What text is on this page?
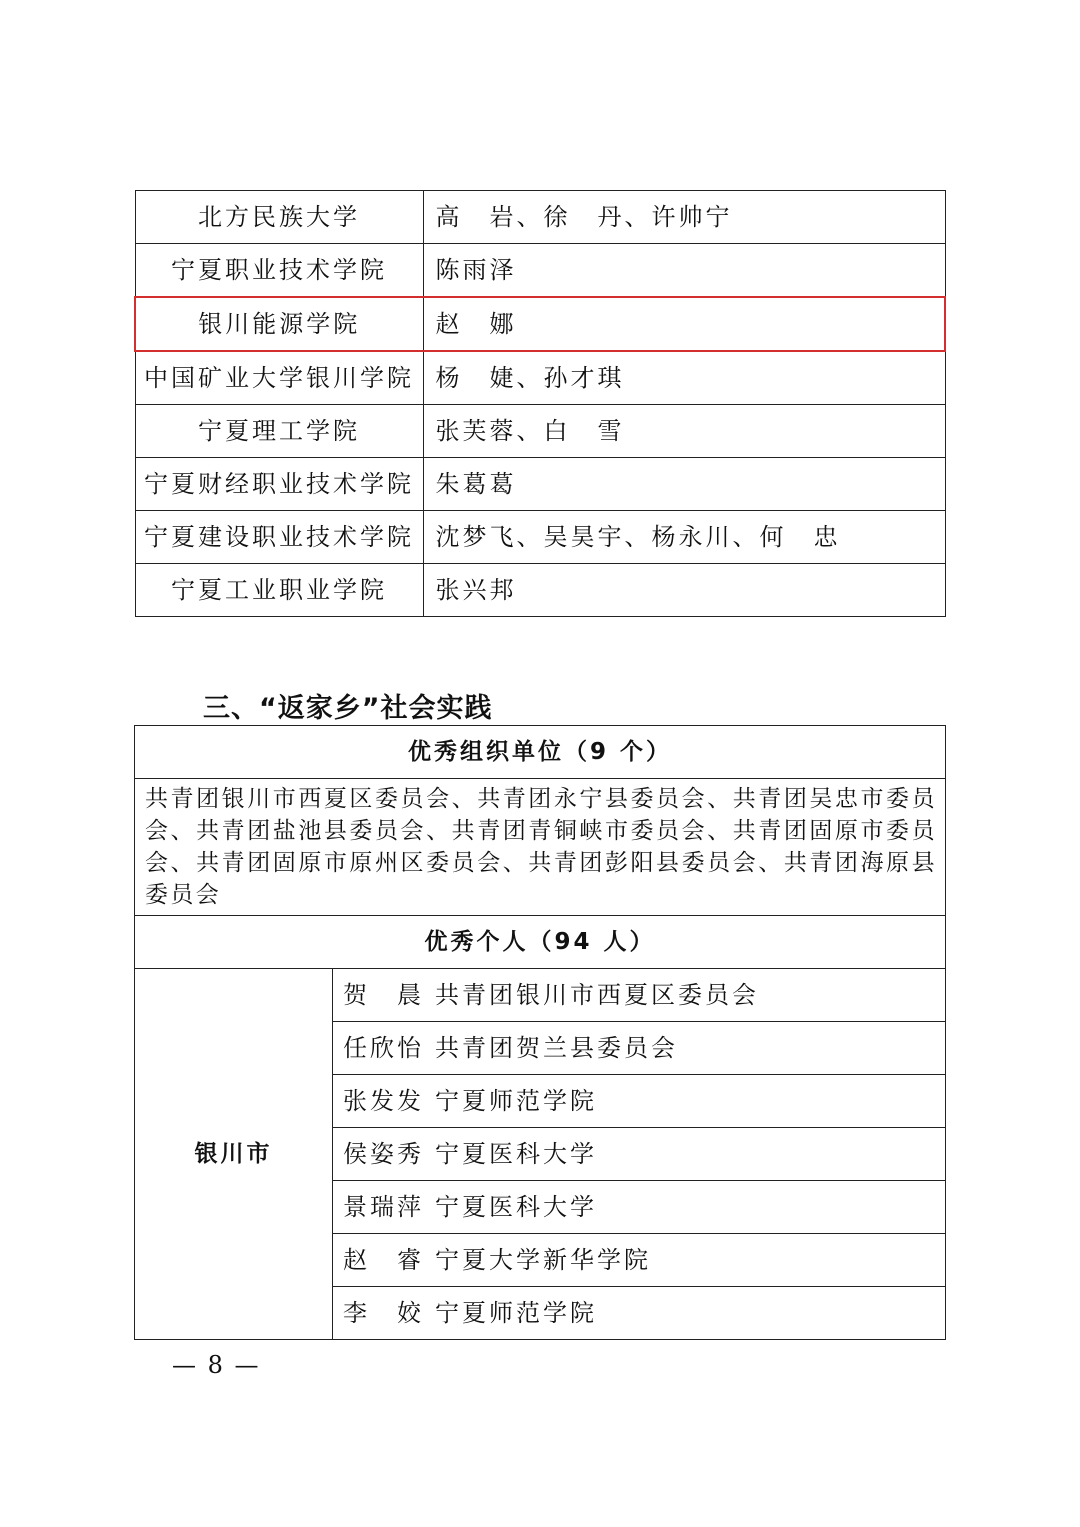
北方民族大学	高　岩、徐　丹、许帅宁
宁夏职业技术学院	陈雨泽
银川能源学院	赵　娜
中国矿业大学银川学院	杨　婕、孙才琪
宁夏理工学院	张芙蓉、白　雪
宁夏财经职业技术学院	朱葛葛
宁夏建设职业技术学院	沈梦飞、吴昊宇、杨永川、何　忠
宁夏工业职业学院	张兴邦
三、“返家乡”社会实践
优秀组织单位（9 个）
共青团银川市西夏区委员会、共青团永宁县委员会、共青团吴忠市委员会、共青团盐池县委员会、共青团青铜峡市委员会、共青团固原市委员会、共青团固原市原州区委员会、共青团彭阳县委员会、共青团海原县委员会
优秀个人（94 人）
银川市	贺　晨 共青团银川市西夏区委员会
任欣怡 共青团贺兰县委员会
张发发 宁夏师范学院
侯姿秀 宁夏医科大学
景瑞萍 宁夏医科大学
赵　睿 宁夏大学新华学院
李　姣 宁夏师范学院
— 8 —
